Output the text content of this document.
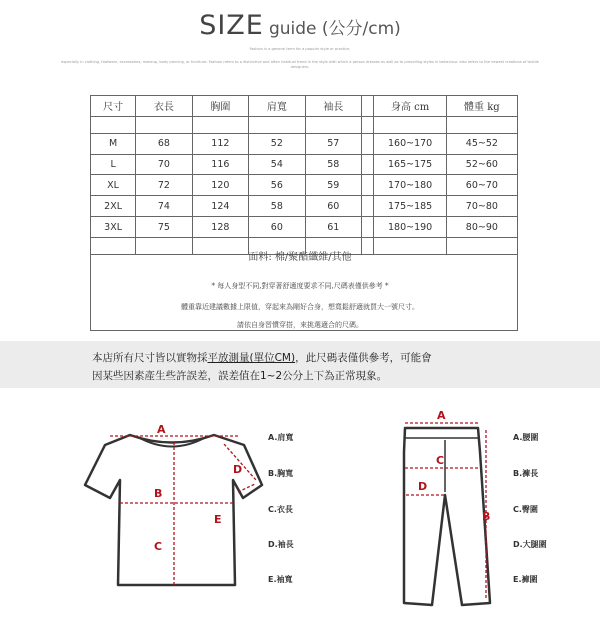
SIZE guide (公分/cm)
Fashion is a general term for a popular style or practice,
especially in clothing, footwear, accessories, makeup, body piercing, or furniture. Fashion refers to a distinctive and often habitual trend in the style with which a person dresses as well as to prevailing styles in behaviour. also refers to the newest creations of textile designers.
尺寸	衣長	胸圍	肩寬	袖長		身高 cm	體重 kg

M	68	112	52	57		160~170	45~52
L	70	116	54	58		165~175	52~60
XL	72	120	56	59		170~180	60~70
2XL	74	124	58	60		175~185	70~80
3XL	75	128	60	61		180~190	80~90

面料: 棉/聚酯纖維/其他
* 每人身型不同,對穿著舒適度要求不同,尺碼表僅供參考 *
體重靠近建議數據上限值，穿起來為剛好合身，想寬鬆舒適就買大一號尺寸。
請依自身習慣穿搭，來挑選適合的尺碼。
本店所有尺寸皆以實物採平放測量(單位CM)，此尺碼表僅供參考，可能會
因某些因素產生些許誤差，誤差值在1~2公分上下為正常現象。
A
B
C
D
E
A
B
C
D
A.肩寬
B.胸寬
C.衣長
D.袖長
E.袖寬
A.腰圍
B.褲長
C.臀圍
D.大腿圍
E.褲圍
